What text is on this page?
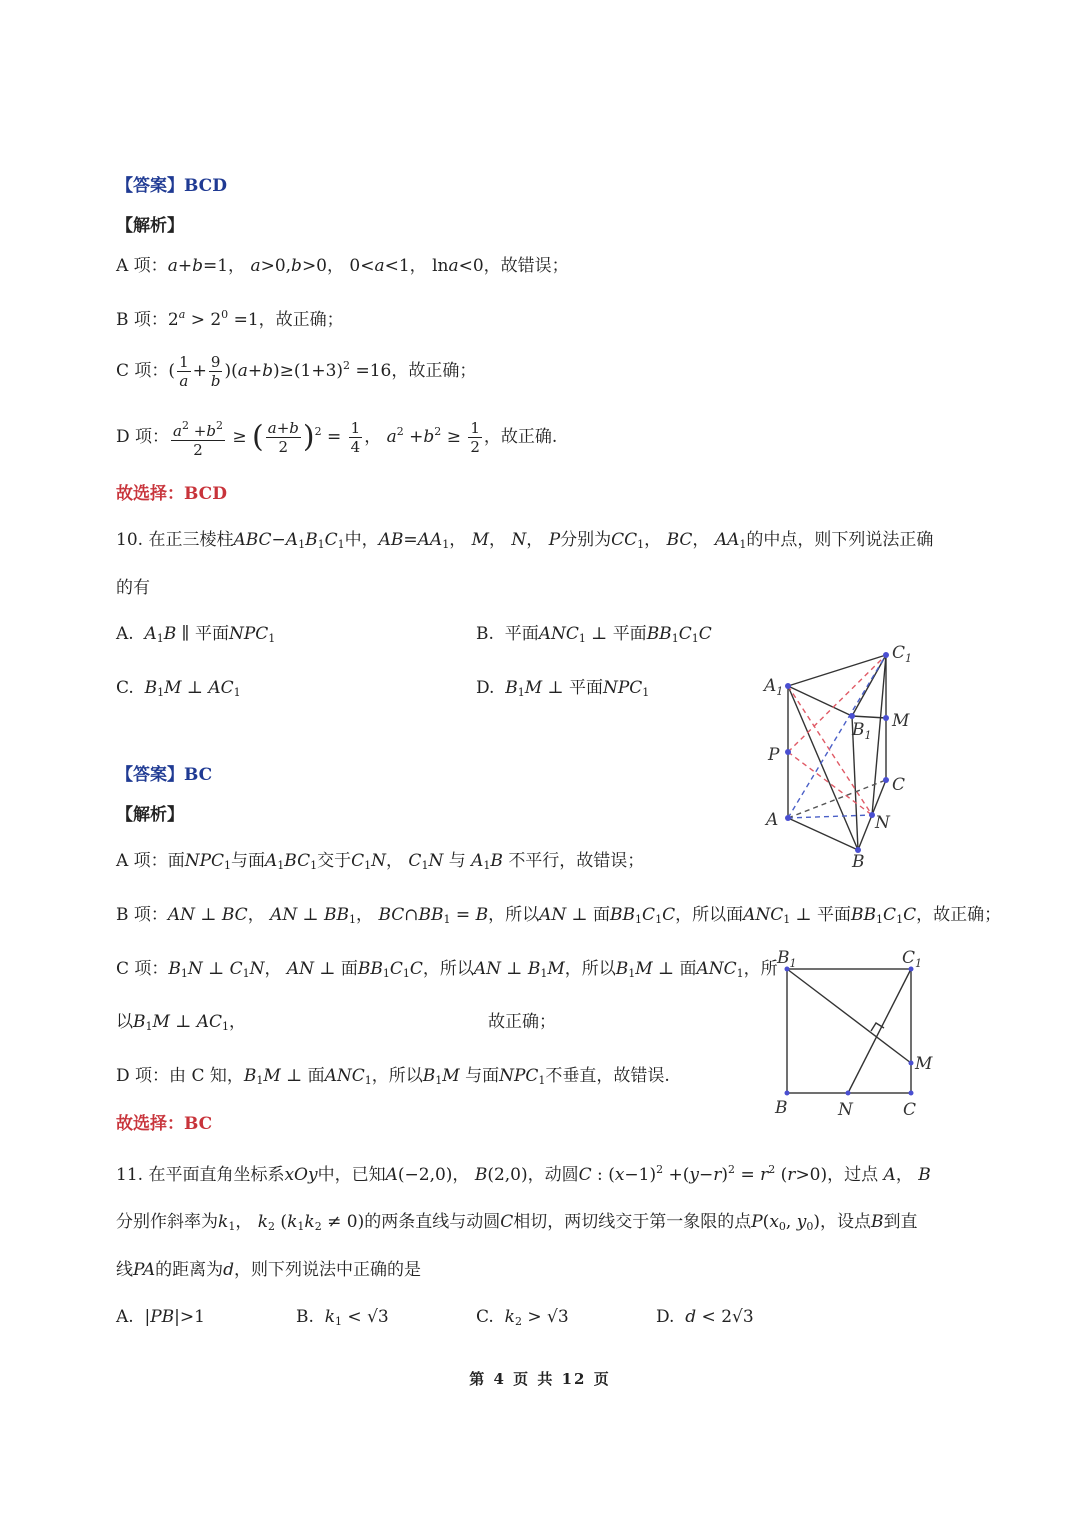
【答案】BCD
【解析】
A 项：a+b=1， a>0,b>0， 0<a<1， lna<0，故错误；
B 项：$2^a > 2^0 =1$，故正确；
C 项：( $\frac{1}{a} + \frac{9}{b} )(a+b)\ge(1+3)^2 =16$，故正确；
D 项： $\frac{a^2 +b^2}{2}$ ≥ ( $\frac{a+b}{2} )^2 = \frac{1}{4}$ ， $a^2 +b^2 \ge \frac{1}{2}$ ，故正确.
故选择：BCD
10. 在正三棱柱$ABC-A_1B_1C_1$中，$AB=AA_1$， M， N， P分别为$CC_1$， BC， $AA_1$的中点，则下列说法正确
的有
A. $A_1B$ ∥ 平面$NPC_1$	B. 平面$ANC_1$ ⊥ 平面$BB_1C_1C$
C. $B_1M$ ⊥ $AC_1$	D. $B_1M$ ⊥ 平面$NPC_1$
【答案】BC
【解析】
A 项：面$NPC_1$与面$A_1BC_1$交于$C_1N$， $C_1N$ 与 $A_1B$ 不平行，故错误；
B 项：AN ⊥ BC， AN ⊥ $BB_1$， $BC\cap BB_1 = B$，所以AN ⊥ 面$BB_1C_1C$，所以面$ANC_1$ ⊥ 平面$BB_1C_1C$，故正确；
C 项：$B_1N$ ⊥ $C_1N$， AN ⊥ 面$BB_1C_1C$，所以AN ⊥ $B_1M$，所以$B_1M$ ⊥ 面$ANC_1$，所
以$B_1M$ ⊥ $AC_1$，	故正确；
D 项：由 C 知，$B_1M$ ⊥ 面$ANC_1$，所以$B_1M$ 与面$NPC_1$不垂直，故错误.
故选择：BC
$C_1$
$A_1$
$B_1$
M
P
C
A	N
B
$B_1$	$C_1$
B	N	C
M
11. 在平面直角坐标系xOy中，已知A(−2,0)， B(2,0)，动圆C : $(x-1)^2 +(y-r)^2 = r^2$ (r>0)，过点 A， B
分别作斜率为$k_1$， $k_2$ $(k_1k_2 \ne 0)$的两条直线与动圆C相切，两切线交于第一象限的点$P(x_0$, $y_0$)，设点B到直
线PA的距离为d，则下列说法中正确的是
A.  |PB|>1	B. $k_1 < √3$	C. $k_2 > √3$	D. d < 2√3
第 4 页 共 12 页
